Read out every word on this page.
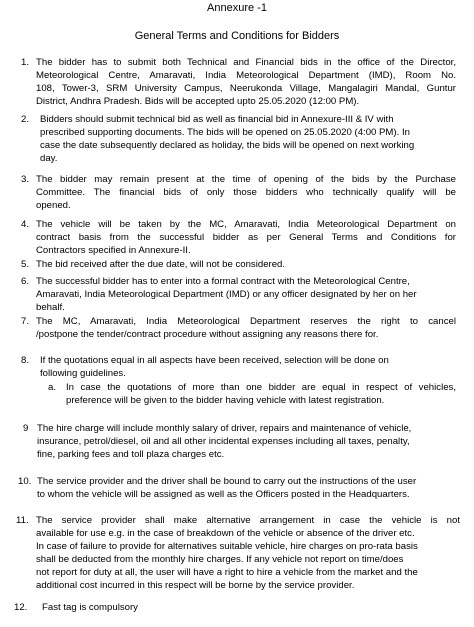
Annexure -1
General Terms and Conditions for Bidders
1. The bidder has to submit both Technical and Financial bids in the office of the Director,
Meteorological Centre, Amaravati, India Meteorological Department (IMD), Room No.
108, Tower-3, SRM University Campus, Neerukonda Village, Mangalagiri Mandal, Guntur
District, Andhra Pradesh. Bids will be accepted upto 25.05.2020 (12:00 PM).
2. Bidders should submit technical bid as well as financial bid in Annexure-III & IV with
prescribed supporting documents. The bids will be opened on 25.05.2020 (4:00 PM). In
case the date subsequently declared as holiday, the bids will be opened on next working
day.
3. The bidder may remain present at the time of opening of the bids by the Purchase
Committee. The financial bids of only those bidders who technically qualify will be
opened.
4. The vehicle will be taken by the MC, Amaravati, India Meteorological Department on
contract basis from the successful bidder as per General Terms and Conditions for
Contractors specified in Annexure-II.
5. The bid received after the due date, will not be considered.
6. The successful bidder has to enter into a formal contract with the Meteorological Centre,
Amaravati, India Meteorological Department (IMD) or any officer designated by her on her
behalf.
7. The MC, Amaravati, India Meteorological Department reserves the right to cancel
/postpone the tender/contract procedure without assigning any reasons there for.
8. If the quotations equal in all aspects have been received, selection will be done on
following guidelines.
a. In case the quotations of more than one bidder are equal in respect of vehicles,
preference will be given to the bidder having vehicle with latest registration.
9 The hire charge will include monthly salary of driver, repairs and maintenance of vehicle,
insurance, petrol/diesel, oil and all other incidental expenses including all taxes, penalty,
fine, parking fees and toll plaza charges etc.
10. The service provider and the driver shall be bound to carry out the instructions of the user
to whom the vehicle will be assigned as well as the Officers posted in the Headquarters.
11. The service provider shall make alternative arrangement in case the vehicle is not
available for use e.g. in the case of breakdown of the vehicle or absence of the driver etc.
In case of failure to provide for alternatives suitable vehicle, hire charges on pro-rata basis
shall be deducted from the monthly hire charges. If any vehicle not report on time/does
not report for duty at all, the user will have a right to hire a vehicle from the market and the
additional cost incurred in this respect will be borne by the service provider.
12. Fast tag is compulsory
